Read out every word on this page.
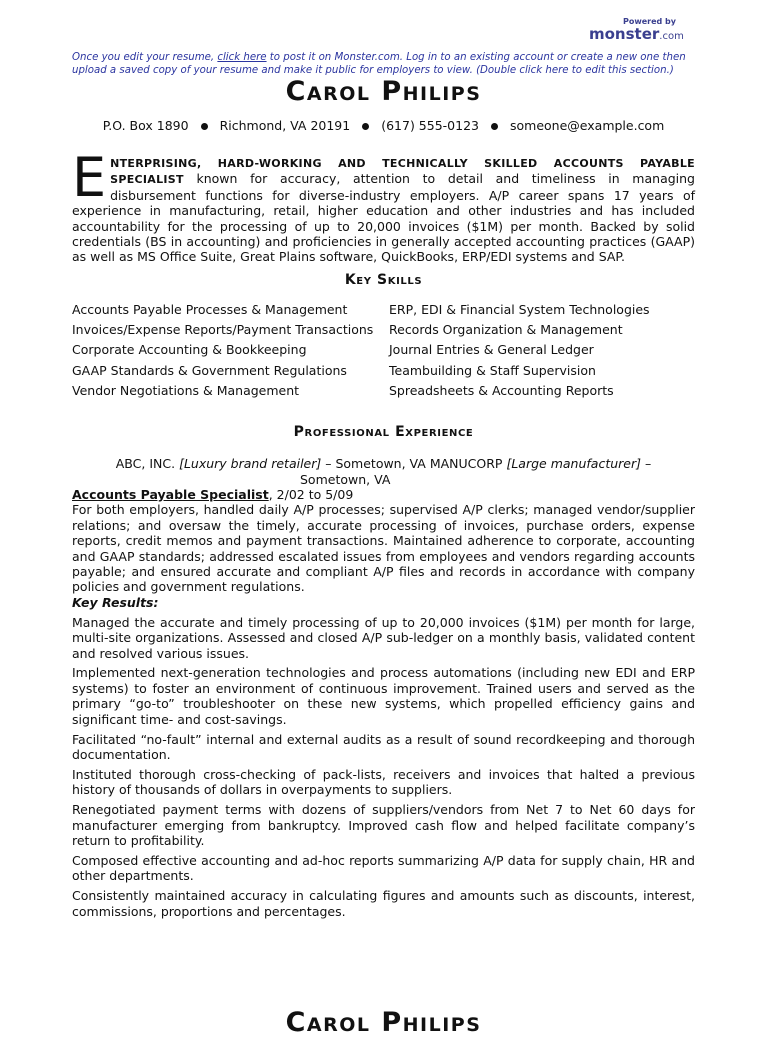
Powered by
monster.com
Once you edit your resume, click here to post it on Monster.com. Log in to an existing account or create a new one then upload a saved copy of your resume and make it public for employers to view. (Double click here to edit this section.)
Carol Philips
P.O. Box 1890 Richmond, VA 20191 (617) 555-0123 someone@example.com
ENTERPRISING, HARD-WORKING AND TECHNICALLY SKILLED ACCOUNTS PAYABLE SPECIALIST known for accuracy, attention to detail and timeliness in managing disbursement functions for diverse-industry employers. A/P career spans 17 years of experience in manufacturing, retail, higher education and other industries and has included accountability for the processing of up to 20,000 invoices ($1M) per month. Backed by solid credentials (BS in accounting) and proficiencies in generally accepted accounting practices (GAAP) as well as MS Office Suite, Great Plains software, QuickBooks, ERP/EDI systems and SAP.
Key Skills
Accounts Payable Processes & Management
Invoices/Expense Reports/Payment Transactions
Corporate Accounting & Bookkeeping
GAAP Standards & Government Regulations
Vendor Negotiations & Management
ERP, EDI & Financial System Technologies
Records Organization & Management
Journal Entries & General Ledger
Teambuilding & Staff Supervision
Spreadsheets & Accounting Reports
Professional Experience
ABC, INC. [Luxury brand retailer] – Sometown, VA MANUCORP [Large manufacturer] –
Sometown, VA
Accounts Payable Specialist, 2/02 to 5/09
For both employers, handled daily A/P processes; supervised A/P clerks; managed vendor/supplier relations; and oversaw the timely, accurate processing of invoices, purchase orders, expense reports, credit memos and payment transactions. Maintained adherence to corporate, accounting and GAAP standards; addressed escalated issues from employees and vendors regarding accounts payable; and ensured accurate and compliant A/P files and records in accordance with company policies and government regulations.
Key Results:
Managed the accurate and timely processing of up to 20,000 invoices ($1M) per month for large, multi-site organizations. Assessed and closed A/P sub-ledger on a monthly basis, validated content and resolved various issues.
Implemented next-generation technologies and process automations (including new EDI and ERP systems) to foster an environment of continuous improvement. Trained users and served as the primary “go-to” troubleshooter on these new systems, which propelled efficiency gains and significant time- and cost-savings.
Facilitated “no-fault” internal and external audits as a result of sound recordkeeping and thorough documentation.
Instituted thorough cross-checking of pack-lists, receivers and invoices that halted a previous history of thousands of dollars in overpayments to suppliers.
Renegotiated payment terms with dozens of suppliers/vendors from Net 7 to Net 60 days for manufacturer emerging from bankruptcy. Improved cash flow and helped facilitate company’s return to profitability.
Composed effective accounting and ad-hoc reports summarizing A/P data for supply chain, HR and other departments.
Consistently maintained accuracy in calculating figures and amounts such as discounts, interest, commissions, proportions and percentages.
Carol Philips
